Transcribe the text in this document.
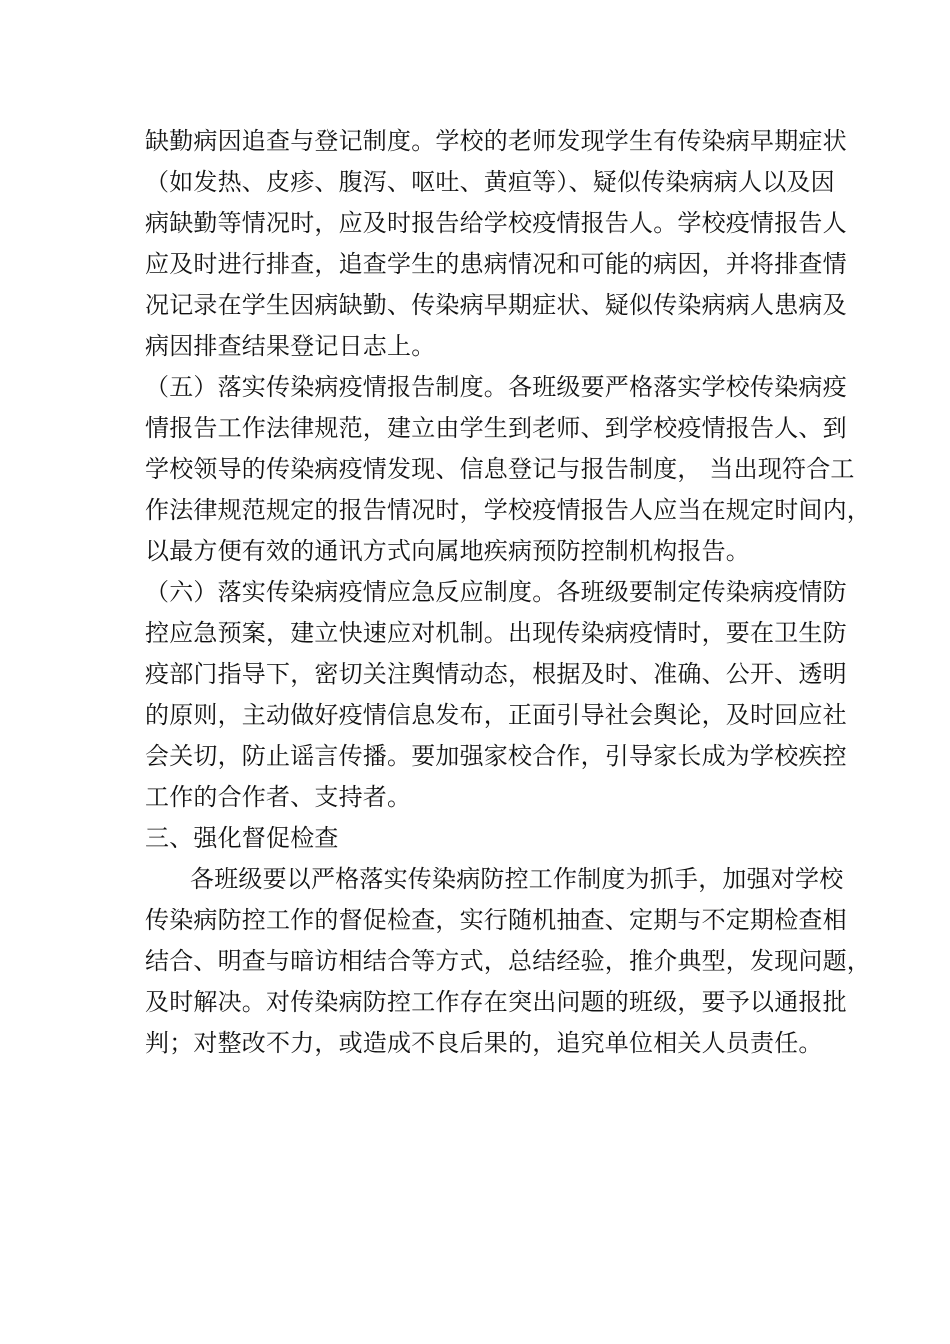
缺勤病因追查与登记制度。学校的老师发现学生有传染病早期症状
（如发热、皮疹、腹泻、呕吐、黄疸等）、疑似传染病病人以及因
病缺勤等情况时，应及时报告给学校疫情报告人。学校疫情报告人
应及时进行排查，追查学生的患病情况和可能的病因，并将排查情
况记录在学生因病缺勤、传染病早期症状、疑似传染病病人患病及
病因排查结果登记日志上。
（五）落实传染病疫情报告制度。各班级要严格落实学校传染病疫
情报告工作法律规范，建立由学生到老师、到学校疫情报告人、到
学校领导的传染病疫情发现、信息登记与报告制度， 当出现符合工
作法律规范规定的报告情况时，学校疫情报告人应当在规定时间内，
以最方便有效的通讯方式向属地疾病预防控制机构报告。
（六）落实传染病疫情应急反应制度。各班级要制定传染病疫情防
控应急预案，建立快速应对机制。出现传染病疫情时，要在卫生防
疫部门指导下，密切关注舆情动态，根据及时、准确、公开、透明
的原则，主动做好疫情信息发布，正面引导社会舆论，及时回应社
会关切，防止谣言传播。要加强家校合作，引导家长成为学校疾控
工作的合作者、支持者。
三、强化督促检查
各班级要以严格落实传染病防控工作制度为抓手，加强对学校
传染病防控工作的督促检查，实行随机抽查、定期与不定期检查相
结合、明查与暗访相结合等方式，总结经验，推介典型，发现问题，
及时解决。对传染病防控工作存在突出问题的班级，要予以通报批
判；对整改不力，或造成不良后果的，追究单位相关人员责任。
